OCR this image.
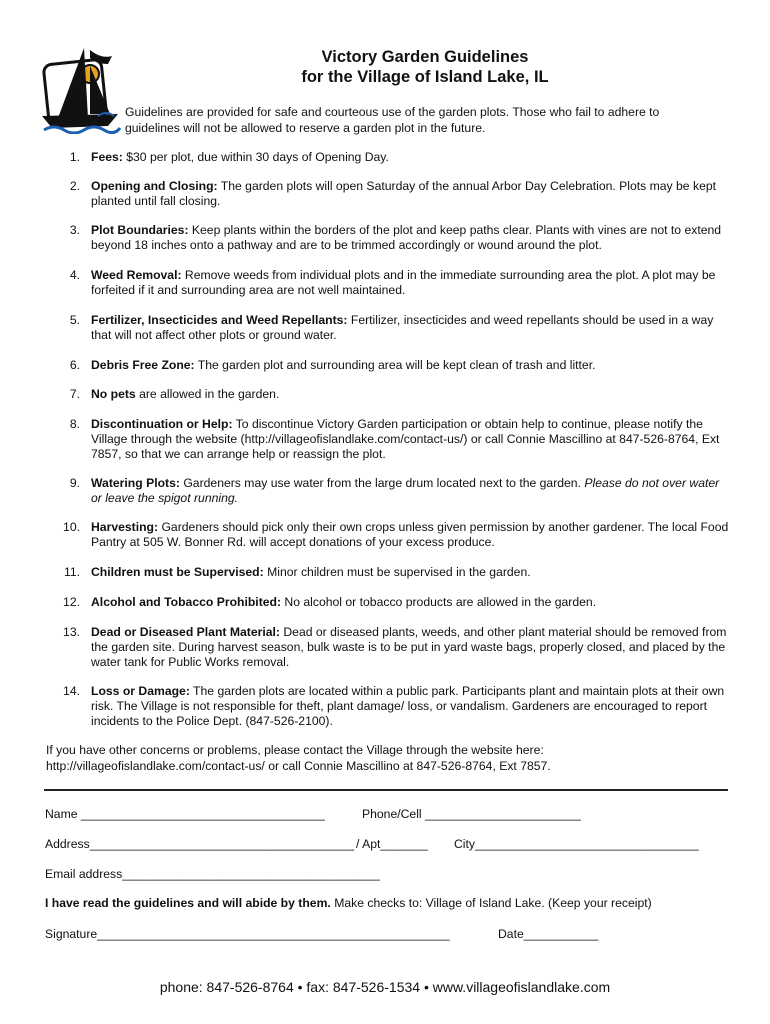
Victory Garden Guidelines
for the Village of Island Lake, IL
Guidelines are provided for safe and courteous use of the garden plots. Those who fail to adhere to guidelines will not be allowed to reserve a garden plot in the future.
1. Fees: $30 per plot, due within 30 days of Opening Day.
2. Opening and Closing: The garden plots will open Saturday of the annual Arbor Day Celebration. Plots may be kept planted until fall closing.
3. Plot Boundaries: Keep plants within the borders of the plot and keep paths clear. Plants with vines are not to extend beyond 18 inches onto a pathway and are to be trimmed accordingly or wound around the plot.
4. Weed Removal: Remove weeds from individual plots and in the immediate surrounding area the plot. A plot may be forfeited if it and surrounding area are not well maintained.
5. Fertilizer, Insecticides and Weed Repellants: Fertilizer, insecticides and weed repellants should be used in a way that will not affect other plots or ground water.
6. Debris Free Zone: The garden plot and surrounding area will be kept clean of trash and litter.
7. No pets are allowed in the garden.
8. Discontinuation or Help: To discontinue Victory Garden participation or obtain help to continue, please notify the Village through the website (http://villageofislandlake.com/contact-us/) or call Connie Mascillino at 847-526-8764, Ext 7857, so that we can arrange help or reassign the plot.
9. Watering Plots: Gardeners may use water from the large drum located next to the garden. Please do not over water or leave the spigot running.
10. Harvesting: Gardeners should pick only their own crops unless given permission by another gardener. The local Food Pantry at 505 W. Bonner Rd. will accept donations of your excess produce.
11. Children must be Supervised: Minor children must be supervised in the garden.
12. Alcohol and Tobacco Prohibited: No alcohol or tobacco products are allowed in the garden.
13. Dead or Diseased Plant Material: Dead or diseased plants, weeds, and other plant material should be removed from the garden site. During harvest season, bulk waste is to be put in yard waste bags, properly closed, and placed by the water tank for Public Works removal.
14. Loss or Damage: The garden plots are located within a public park. Participants plant and maintain plots at their own risk. The Village is not responsible for theft, plant damage/ loss, or vandalism. Gardeners are encouraged to report incidents to the Police Dept. (847-526-2100).
If you have other concerns or problems, please contact the Village through the website here: http://villageofislandlake.com/contact-us/ or call Connie Mascillino at 847-526-8764, Ext 7857.
Name ____________________________________	Phone/Cell _______________________
Address_______________________________________ / Apt_______ City_________________________________
Email address______________________________________
I have read the guidelines and will abide by them. Make checks to: Village of Island Lake. (Keep your receipt)
Signature____________________________________________________	Date___________
phone: 847-526-8764 • fax: 847-526-1534 • www.villageofislandlake.com
